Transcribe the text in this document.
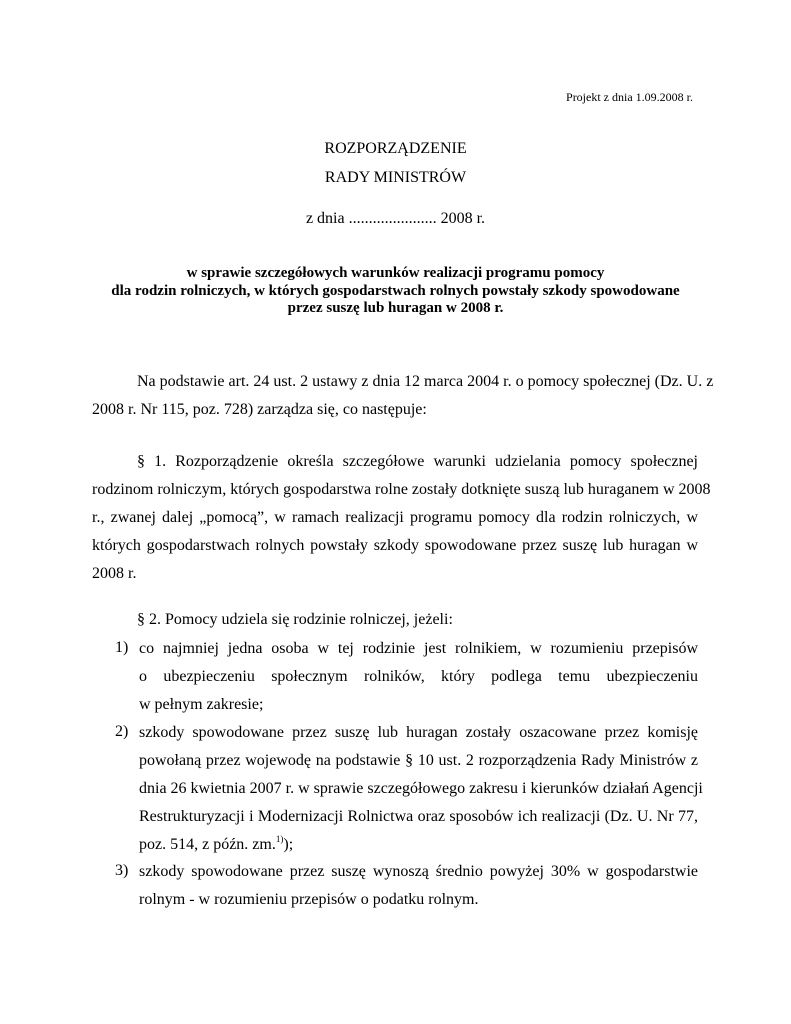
Projekt z dnia 1.09.2008 r.
ROZPORZĄDZENIE
RADY MINISTRÓW
z dnia ...................... 2008 r.
w sprawie szczegółowych warunków realizacji programu pomocy
dla rodzin rolniczych, w których gospodarstwach rolnych powstały szkody spowodowane
przez suszę lub huragan w 2008 r.
Na podstawie art. 24 ust. 2 ustawy z dnia 12 marca 2004 r. o pomocy społecznej (Dz. U. z
2008 r. Nr 115, poz. 728) zarządza się, co następuje:
§ 1. Rozporządzenie określa szczegółowe warunki udzielania pomocy społecznej
rodzinom rolniczym, których gospodarstwa rolne zostały dotknięte suszą lub huraganem w 2008
r., zwanej dalej „pomocą”, w ramach realizacji programu pomocy dla rodzin rolniczych, w
których gospodarstwach rolnych powstały szkody spowodowane przez suszę lub huragan w
2008 r.
§ 2. Pomocy udziela się rodzinie rolniczej, jeżeli:
1) co najmniej jedna osoba w tej rodzinie jest rolnikiem, w rozumieniu przepisów
o ubezpieczeniu społecznym rolników, który podlega temu ubezpieczeniu
w pełnym zakresie;
2) szkody spowodowane przez suszę lub huragan zostały oszacowane przez komisję
powołaną przez wojewodę na podstawie § 10 ust. 2 rozporządzenia Rady Ministrów z
dnia 26 kwietnia 2007 r. w sprawie szczegółowego zakresu i kierunków działań Agencji
Restrukturyzacji i Modernizacji Rolnictwa oraz sposobów ich realizacji (Dz. U. Nr 77,
poz. 514, z późn. zm.$^{1)}$);
3) szkody spowodowane przez suszę wynoszą średnio powyżej 30% w gospodarstwie
rolnym - w rozumieniu przepisów o podatku rolnym.
